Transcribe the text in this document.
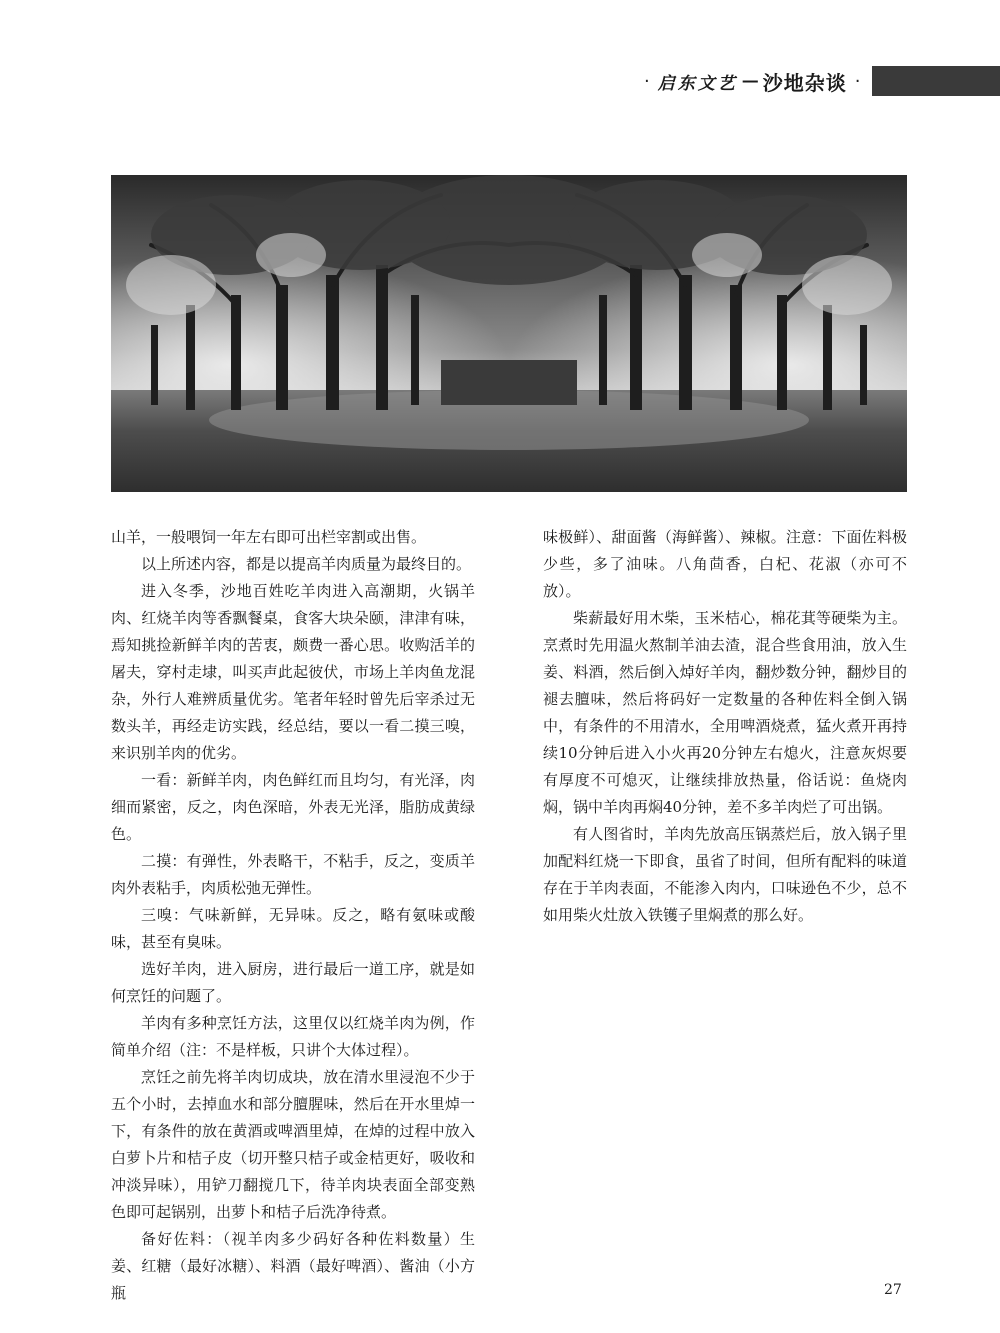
· 启东文艺 — 沙地杂谈 ·

山羊，一般喂饲一年左右即可出栏宰割或出售。

以上所述内容，都是以提高羊肉质量为最终目的。

进入冬季，沙地百姓吃羊肉进入高潮期，火锅羊肉、红烧羊肉等香飘餐桌，食客大块朵颐，津津有味，焉知挑捡新鲜羊肉的苦衷，颇费一番心思。收购活羊的屠夫，穿村走埭，叫买声此起彼伏，市场上羊肉鱼龙混杂，外行人难辨质量优劣。笔者年轻时曾先后宰杀过无数头羊，再经走访实践，经总结，要以一看二摸三嗅，来识别羊肉的优劣。

一看：新鲜羊肉，肉色鲜红而且均匀，有光泽，肉细而紧密，反之，肉色深暗，外表无光泽，脂肪成黄绿色。

二摸：有弹性，外表略干，不粘手，反之，变质羊肉外表粘手，肉质松弛无弹性。

三嗅：气味新鲜，无异味。反之，略有氨味或酸味，甚至有臭味。

选好羊肉，进入厨房，进行最后一道工序，就是如何烹饪的问题了。

羊肉有多种烹饪方法，这里仅以红烧羊肉为例，作简单介绍（注：不是样板，只讲个大体过程）。

烹饪之前先将羊肉切成块，放在清水里浸泡不少于五个小时，去掉血水和部分膻腥味，然后在开水里焯一下，有条件的放在黄酒或啤酒里焯，在焯的过程中放入白萝卜片和桔子皮（切开整只桔子或金桔更好，吸收和冲淡异味），用铲刀翻搅几下，待羊肉块表面全部变熟色即可起锅别，出萝卜和桔子后洗净待煮。

备好佐料：（视羊肉多少码好各种佐料数量）生姜、红糖（最好冰糖）、料酒（最好啤酒）、酱油（小方瓶

味极鲜）、甜面酱（海鲜酱）、辣椒。注意：下面佐料极少些，多了油味。八角茴香，白杞、花淑（亦可不放）。

柴薪最好用木柴，玉米桔心，棉花萁等硬柴为主。烹煮时先用温火熬制羊油去渣，混合些食用油，放入生姜、料酒，然后倒入焯好羊肉，翻炒数分钟，翻炒目的褪去膻味，然后将码好一定数量的各种佐料全倒入锅中，有条件的不用清水，全用啤酒烧煮，猛火煮开再持续10分钟后进入小火再20分钟左右熄火，注意灰烬要有厚度不可熄灭，让继续排放热量，俗话说：鱼烧肉焖，锅中羊肉再焖40分钟，差不多羊肉烂了可出锅。

有人图省时，羊肉先放高压锅蒸烂后，放入锅子里加配料红烧一下即食，虽省了时间，但所有配料的味道存在于羊肉表面，不能渗入肉内，口味逊色不少，总不如用柴火灶放入铁镬子里焖煮的那么好。

27
